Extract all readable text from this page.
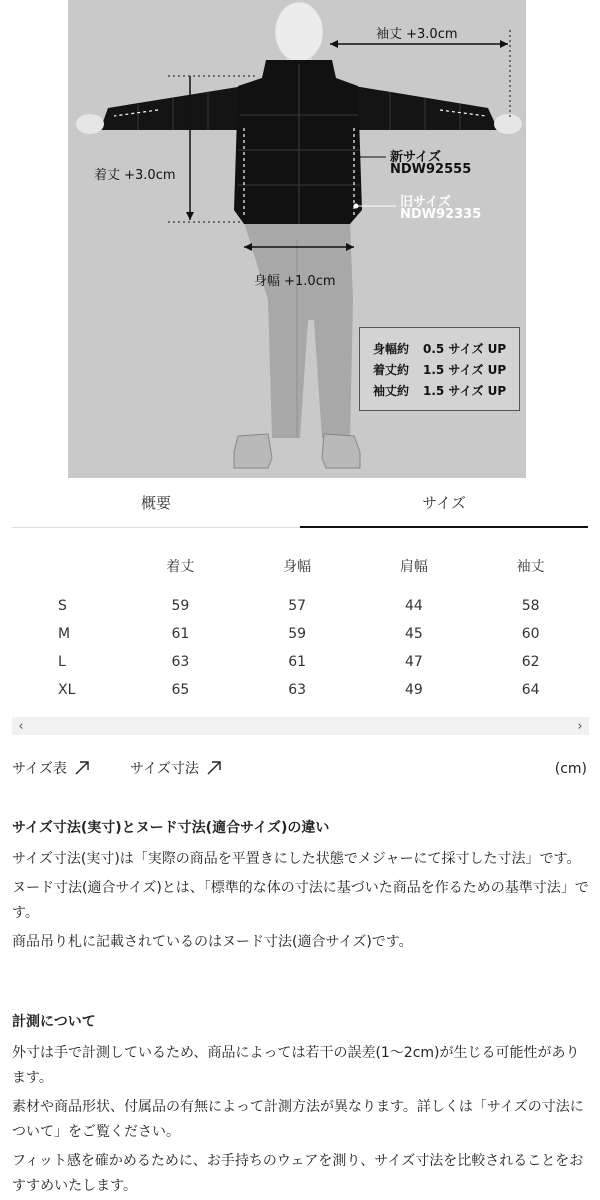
袖丈 +3.0cm
着丈 +3.0cm
身幅 +1.0cm
新サイズ
NDW92555
旧サイズ
NDW92335
身幅約	0.5 サイズ UP
着丈約	1.5 サイズ UP
袖丈約	1.5 サイズ UP
概要	サイズ
	着丈	身幅	肩幅	袖丈

S	59	57	44	58
M	61	59	45	60
L	63	61	47	62
XL	65	63	49	64
‹	›
サイズ表	サイズ寸法	(cm)
サイズ寸法(実寸)とヌード寸法(適合サイズ)の違い

サイズ寸法(実寸)は「実際の商品を平置きにした状態でメジャーにて採寸した寸法」です。

ヌード寸法(適合サイズ)とは、「標準的な体の寸法に基づいた商品を作るための基準寸法」です。

商品吊り札に記載されているのはヌード寸法(適合サイズ)です。

計測について

外寸は手で計測しているため、商品によっては若干の誤差(1〜2cm)が生じる可能性があります。

素材や商品形状、付属品の有無によって計測方法が異なります。詳しくは「サイズの寸法について」をご覧ください。

フィット感を確かめるために、お手持ちのウェアを測り、サイズ寸法を比較されることをおすすめいたします。
